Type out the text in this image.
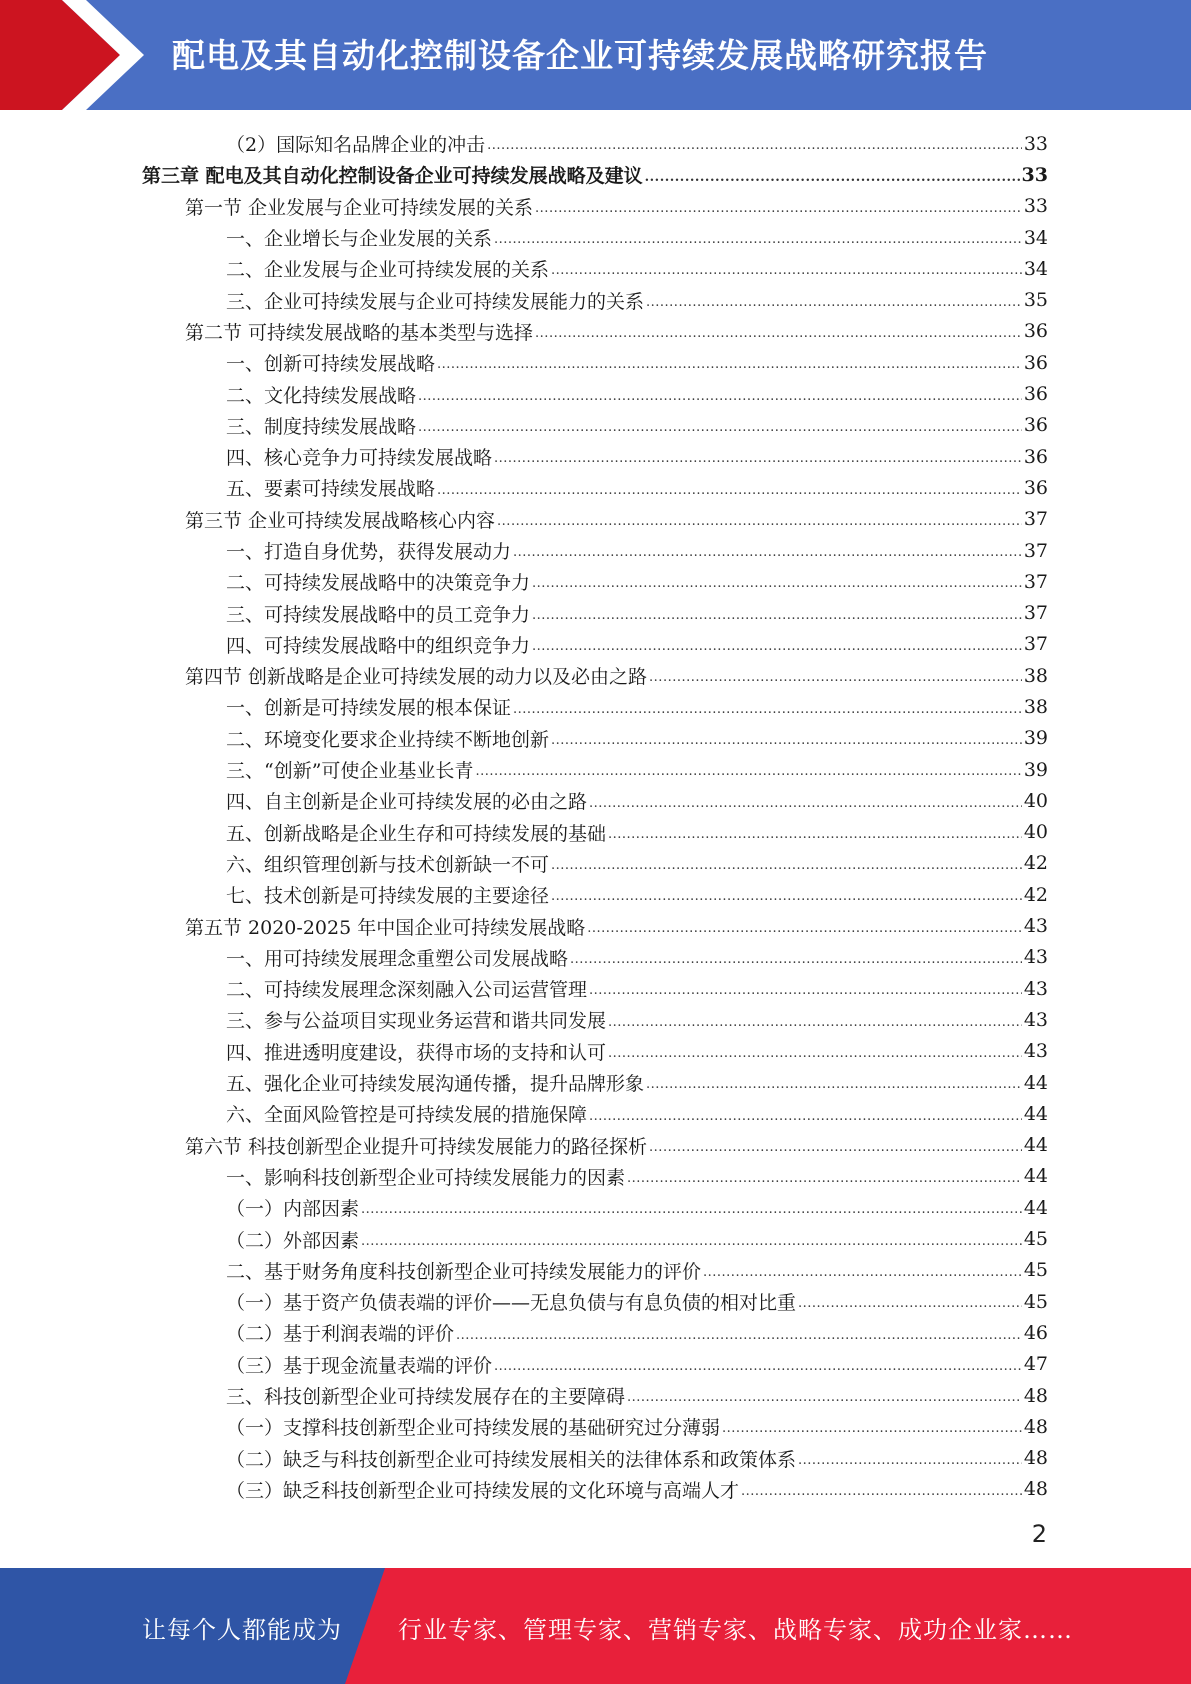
配电及其自动化控制设备企业可持续发展战略研究报告
（2）国际知名品牌企业的冲击 .....	33
第三章 配电及其自动化控制设备企业可持续发展战略及建议 .....	33
第一节 企业发展与企业可持续发展的关系 .....	33
一、企业增长与企业发展的关系 .....	34
二、企业发展与企业可持续发展的关系 .....	34
三、企业可持续发展与企业可持续发展能力的关系 .....	35
第二节 可持续发展战略的基本类型与选择 .....	36
一、创新可持续发展战略 .....	36
二、文化持续发展战略 .....	36
三、制度持续发展战略 .....	36
四、核心竞争力可持续发展战略 .....	36
五、要素可持续发展战略 .....	36
第三节 企业可持续发展战略核心内容 .....	37
一、打造自身优势，获得发展动力 .....	37
二、可持续发展战略中的决策竞争力 .....	37
三、可持续发展战略中的员工竞争力 .....	37
四、可持续发展战略中的组织竞争力 .....	37
第四节 创新战略是企业可持续发展的动力以及必由之路 .....	38
一、创新是可持续发展的根本保证 .....	38
二、环境变化要求企业持续不断地创新 .....	39
三、“创新”可使企业基业长青 .....	39
四、自主创新是企业可持续发展的必由之路 .....	40
五、创新战略是企业生存和可持续发展的基础 .....	40
六、组织管理创新与技术创新缺一不可 .....	42
七、技术创新是可持续发展的主要途径 .....	42
第五节 2020-2025 年中国企业可持续发展战略 .....	43
一、用可持续发展理念重塑公司发展战略 .....	43
二、可持续发展理念深刻融入公司运营管理 .....	43
三、参与公益项目实现业务运营和谐共同发展 .....	43
四、推进透明度建设，获得市场的支持和认可 .....	43
五、强化企业可持续发展沟通传播，提升品牌形象 .....	44
六、全面风险管控是可持续发展的措施保障 .....	44
第六节 科技创新型企业提升可持续发展能力的路径探析 .....	44
一、影响科技创新型企业可持续发展能力的因素 .....	44
（一）内部因素 .....	44
（二）外部因素 .....	45
二、基于财务角度科技创新型企业可持续发展能力的评价 .....	45
（一）基于资产负债表端的评价——无息负债与有息负债的相对比重 .....	45
（二）基于利润表端的评价 .....	46
（三）基于现金流量表端的评价 .....	47
三、科技创新型企业可持续发展存在的主要障碍 .....	48
（一）支撑科技创新型企业可持续发展的基础研究过分薄弱 .....	48
（二）缺乏与科技创新型企业可持续发展相关的法律体系和政策体系 .....	48
（三）缺乏科技创新型企业可持续发展的文化环境与高端人才 .....	48
2
让每个人都能成为 行业专家、管理专家、营销专家、战略专家、成功企业家……
